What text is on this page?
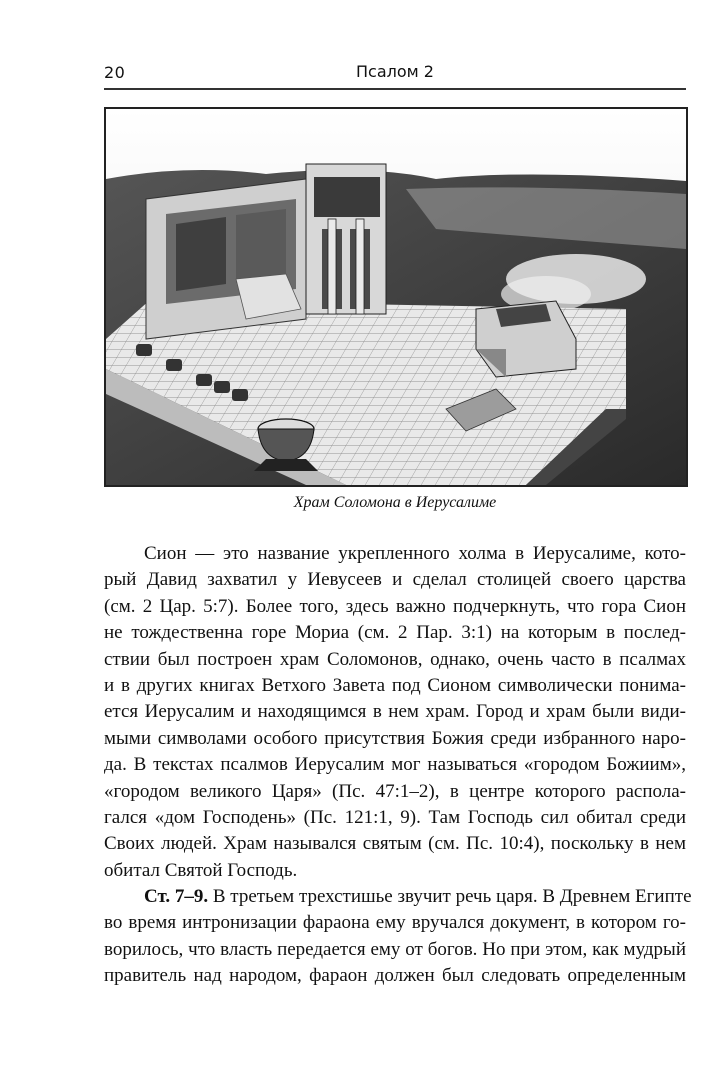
20	Псалом 2
Храм Соломона в Иерусалиме
Сион — это название укрепленного холма в Иерусалиме, кото-
рый Давид захватил у Иевусеев и сделал столицей своего царства
(см. 2 Цар. 5:7). Более того, здесь важно подчеркнуть, что гора Сион
не тождественна горе Мориа (см. 2 Пар. 3:1) на которым в послед-
ствии был построен храм Соломонов, однако, очень часто в псалмах
и в других книгах Ветхого Завета под Сионом символически понима-
ется Иерусалим и находящимся в нем храм. Город и храм были види-
мыми символами особого присутствия Божия среди избранного наро-
да. В текстах псалмов Иерусалим мог называться «городом Божиим»,
«городом великого Царя» (Пс. 47:1–2), в центре которого распола-
гался «дом Господень» (Пс. 121:1, 9). Там Господь сил обитал среди
Своих людей. Храм назывался святым (см. Пс. 10:4), поскольку в нем
обитал Святой Господь.
Ст. 7–9. В третьем трехстишье звучит речь царя. В Древнем Египте
во время интронизации фараона ему вручался документ, в котором го-
ворилось, что власть передается ему от богов. Но при этом, как мудрый
правитель над народом, фараон должен был следовать определенным
